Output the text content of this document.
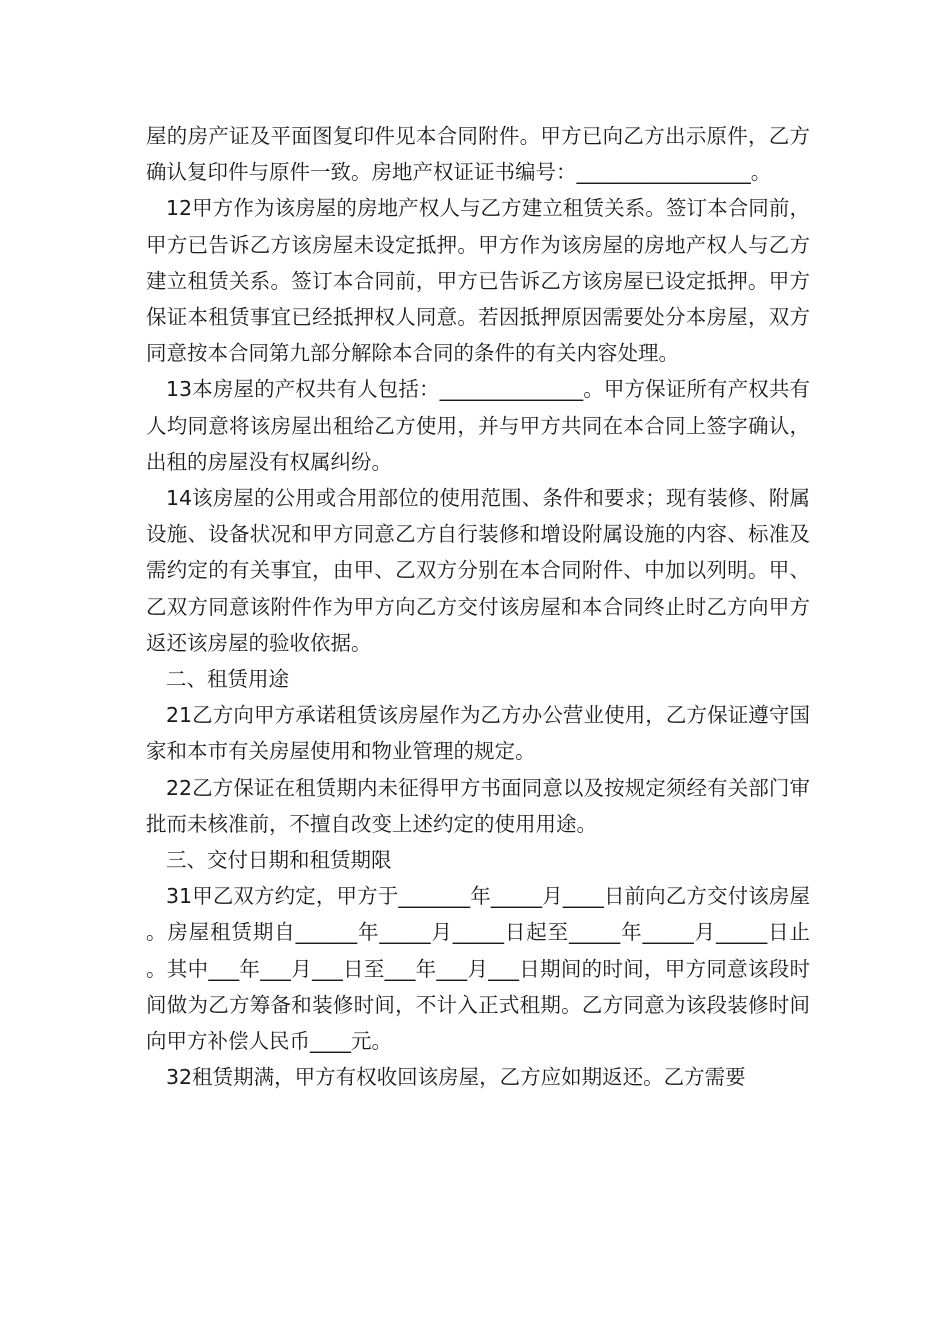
屋的房产证及平面图复印件见本合同附件。甲方已向乙方出示原件，乙方确认复印件与原件一致。房地产权证证书编号：_________________。

12甲方作为该房屋的房地产权人与乙方建立租赁关系。签订本合同前，甲方已告诉乙方该房屋未设定抵押。甲方作为该房屋的房地产权人与乙方建立租赁关系。签订本合同前，甲方已告诉乙方该房屋已设定抵押。甲方保证本租赁事宜已经抵押权人同意。若因抵押原因需要处分本房屋，双方同意按本合同第九部分解除本合同的条件的有关内容处理。

13本房屋的产权共有人包括：______________。甲方保证所有产权共有人均同意将该房屋出租给乙方使用，并与甲方共同在本合同上签字确认，出租的房屋没有权属纠纷。

14该房屋的公用或合用部位的使用范围、条件和要求；现有装修、附属设施、设备状况和甲方同意乙方自行装修和增设附属设施的内容、标准及需约定的有关事宜，由甲、乙双方分别在本合同附件、中加以列明。甲、乙双方同意该附件作为甲方向乙方交付该房屋和本合同终止时乙方向甲方返还该房屋的验收依据。

二、租赁用途

21乙方向甲方承诺租赁该房屋作为乙方办公营业使用，乙方保证遵守国家和本市有关房屋使用和物业管理的规定。

22乙方保证在租赁期内未征得甲方书面同意以及按规定须经有关部门审批而未核准前，不擅自改变上述约定的使用用途。

三、交付日期和租赁期限

31甲乙双方约定，甲方于_______年_____月____日前向乙方交付该房屋。房屋租赁期自______年_____月_____日起至_____年_____月_____日止。其中___年___月___日至___年___月___日期间的时间，甲方同意该段时间做为乙方筹备和装修时间，不计入正式租期。乙方同意为该段装修时间向甲方补偿人民币____元。

32租赁期满，甲方有权收回该房屋，乙方应如期返还。乙方需要
